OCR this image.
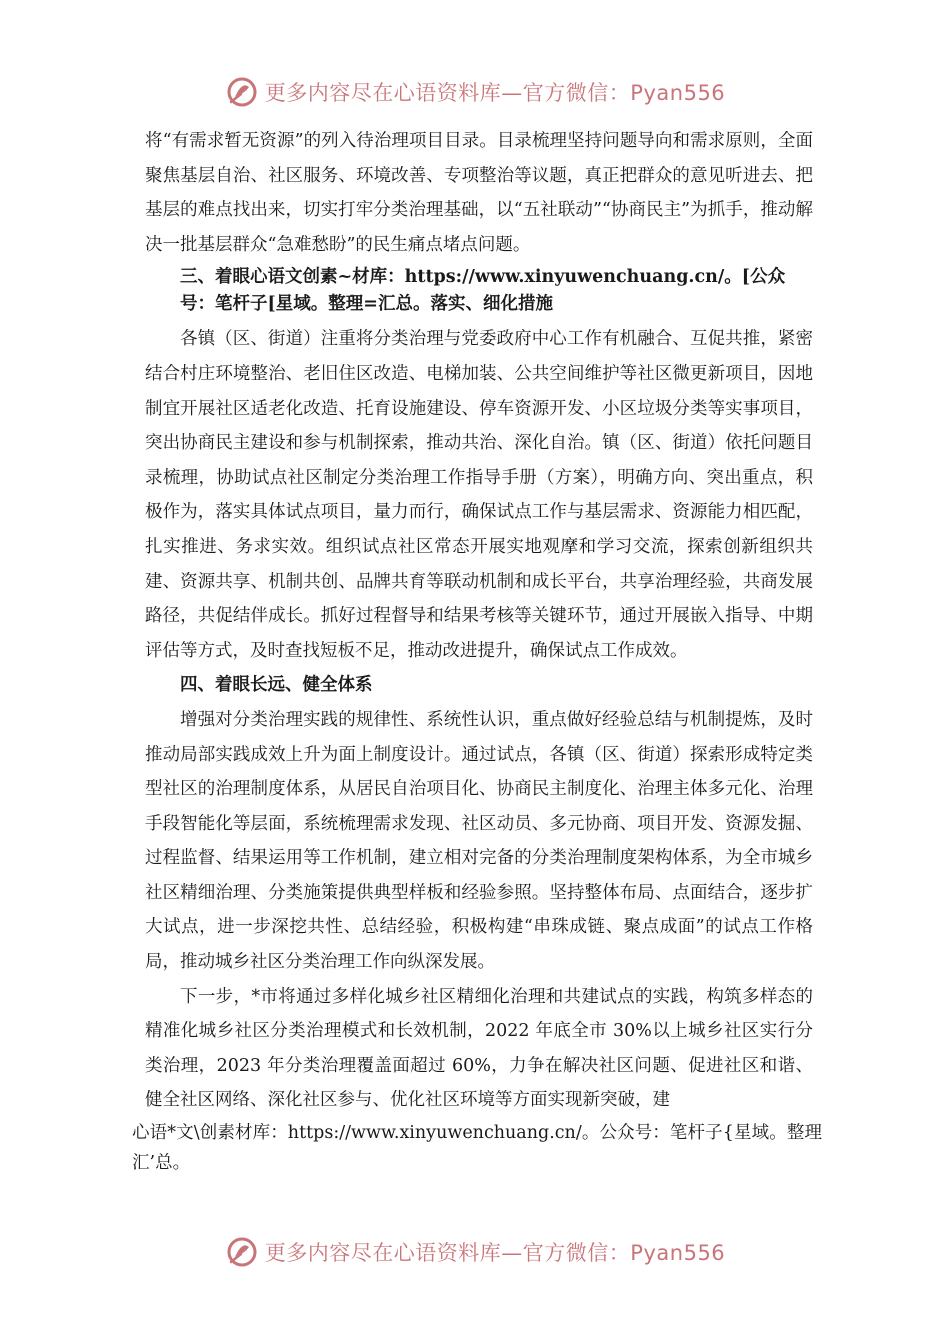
更多内容尽在心语资料库—官方微信：Pyan556

将“有需求暂无资源”的列入待治理项目目录。目录梳理坚持问题导向和需求原则，全面聚焦基层自治、社区服务、环境改善、专项整治等议题，真正把群众的意见听进去、把基层的难点找出来，切实打牢分类治理基础，以“五社联动”“协商民主”为抓手，推动解决一批基层群众“急难愁盼”的民生痛点堵点问题。

三、着眼心语文创素~材库：https://www.xinyuwenchuang.cn/。[公众号：笔杆子[星域。整理=汇总。落实、细化措施

各镇（区、街道）注重将分类治理与党委政府中心工作有机融合、互促共推，紧密结合村庄环境整治、老旧住区改造、电梯加装、公共空间维护等社区微更新项目，因地制宜开展社区适老化改造、托育设施建设、停车资源开发、小区垃圾分类等实事项目，突出协商民主建设和参与机制探索，推动共治、深化自治。镇（区、街道）依托问题目录梳理，协助试点社区制定分类治理工作指导手册（方案），明确方向、突出重点，积极作为，落实具体试点项目，量力而行，确保试点工作与基层需求、资源能力相匹配，扎实推进、务求实效。组织试点社区常态开展实地观摩和学习交流，探索创新组织共建、资源共享、机制共创、品牌共育等联动机制和成长平台，共享治理经验，共商发展路径，共促结伴成长。抓好过程督导和结果考核等关键环节，通过开展嵌入指导、中期评估等方式，及时查找短板不足，推动改进提升，确保试点工作成效。

四、着眼长远、健全体系

增强对分类治理实践的规律性、系统性认识，重点做好经验总结与机制提炼，及时推动局部实践成效上升为面上制度设计。通过试点，各镇（区、街道）探索形成特定类型社区的治理制度体系，从居民自治项目化、协商民主制度化、治理主体多元化、治理手段智能化等层面，系统梳理需求发现、社区动员、多元协商、项目开发、资源发掘、过程监督、结果运用等工作机制，建立相对完备的分类治理制度架构体系，为全市城乡社区精细治理、分类施策提供典型样板和经验参照。坚持整体布局、点面结合，逐步扩大试点，进一步深挖共性、总结经验，积极构建“串珠成链、聚点成面”的试点工作格局，推动城乡社区分类治理工作向纵深发展。

下一步，*市将通过多样化城乡社区精细化治理和共建试点的实践，构筑多样态的精准化城乡社区分类治理模式和长效机制，2022 年底全市 30%以上城乡社区实行分类治理，2023 年分类治理覆盖面超过 60%，力争在解决社区问题、促进社区和谐、健全社区网络、深化社区参与、优化社区环境等方面实现新突破，建

心语*文\创素材库：https://www.xinyuwenchuang.cn/。公众号：笔杆子{星域。整理汇’总。

更多内容尽在心语资料库—官方微信：Pyan556
